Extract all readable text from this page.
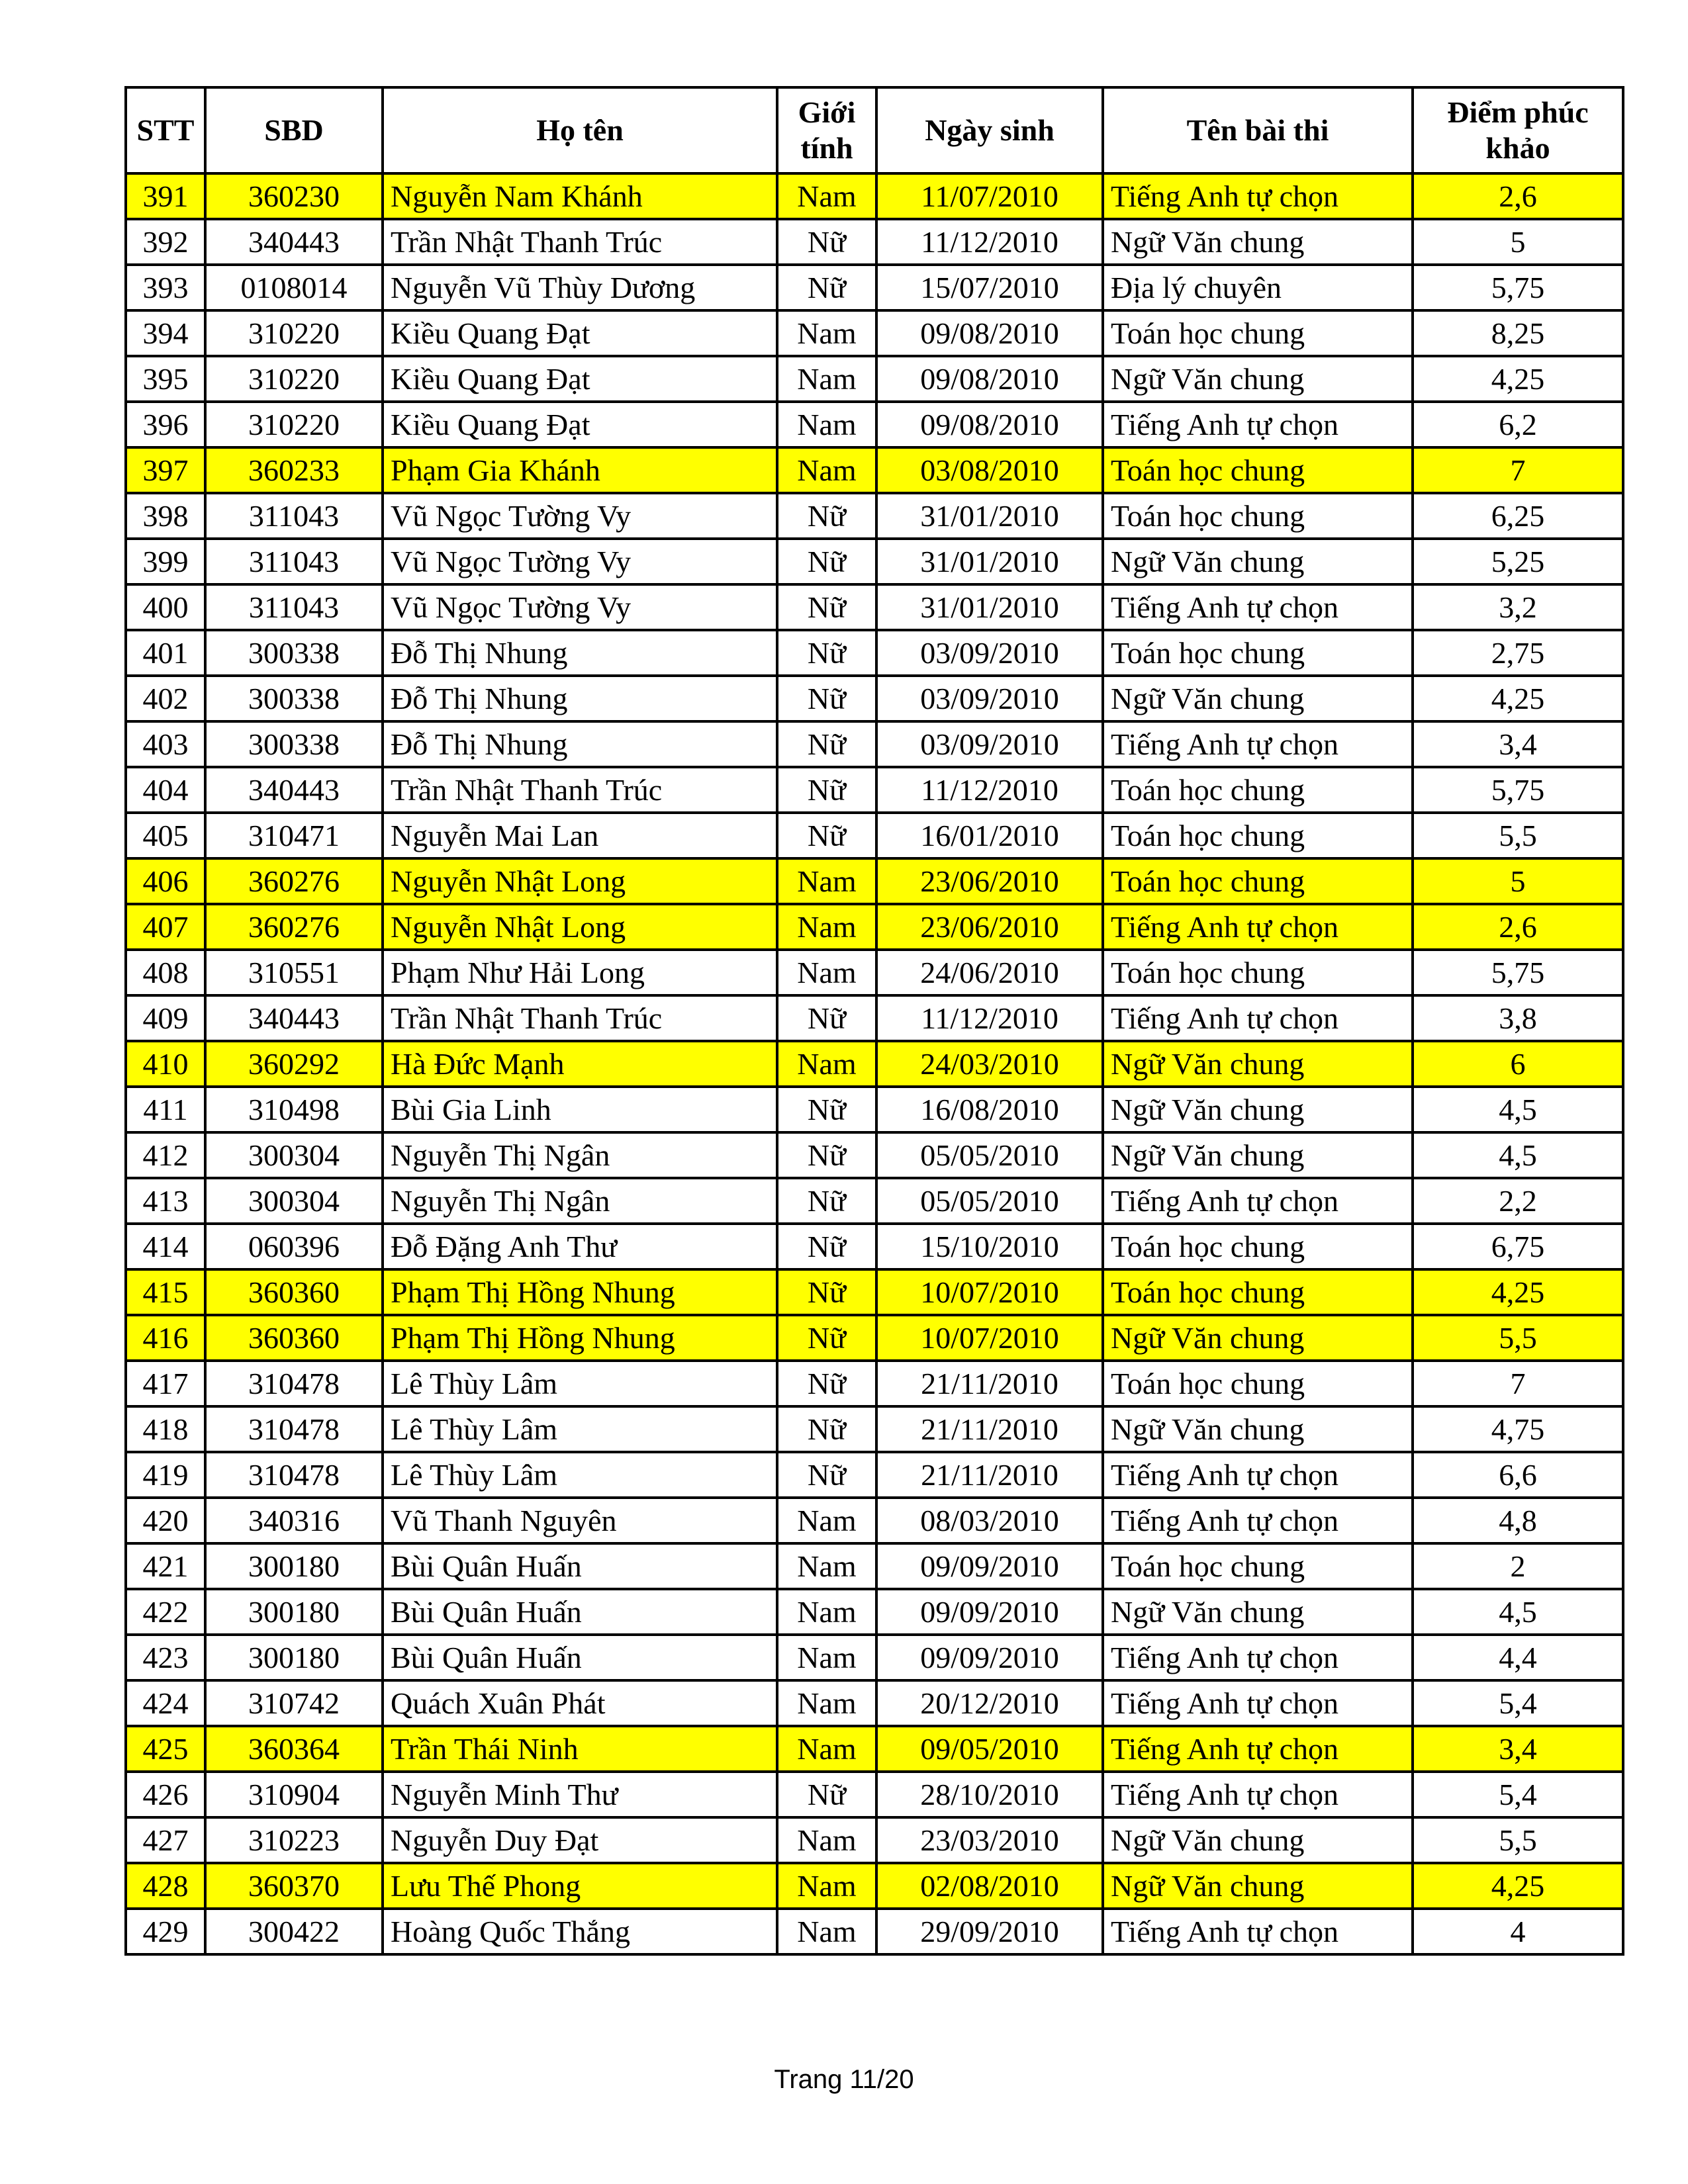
STT	SBD	Họ tên	Giới tính	Ngày sinh	Tên bài thi	Điểm phúc khảo
391	360230	Nguyễn Nam Khánh	Nam	11/07/2010	Tiếng Anh tự chọn	2,6
392	340443	Trần Nhật Thanh Trúc	Nữ	11/12/2010	Ngữ Văn chung	5
393	0108014	Nguyễn Vũ Thùy Dương	Nữ	15/07/2010	Địa lý chuyên	5,75
394	310220	Kiều Quang Đạt	Nam	09/08/2010	Toán học chung	8,25
395	310220	Kiều Quang Đạt	Nam	09/08/2010	Ngữ Văn chung	4,25
396	310220	Kiều Quang Đạt	Nam	09/08/2010	Tiếng Anh tự chọn	6,2
397	360233	Phạm Gia Khánh	Nam	03/08/2010	Toán học chung	7
398	311043	Vũ Ngọc Tường Vy	Nữ	31/01/2010	Toán học chung	6,25
399	311043	Vũ Ngọc Tường Vy	Nữ	31/01/2010	Ngữ Văn chung	5,25
400	311043	Vũ Ngọc Tường Vy	Nữ	31/01/2010	Tiếng Anh tự chọn	3,2
401	300338	Đỗ Thị Nhung	Nữ	03/09/2010	Toán học chung	2,75
402	300338	Đỗ Thị Nhung	Nữ	03/09/2010	Ngữ Văn chung	4,25
403	300338	Đỗ Thị Nhung	Nữ	03/09/2010	Tiếng Anh tự chọn	3,4
404	340443	Trần Nhật Thanh Trúc	Nữ	11/12/2010	Toán học chung	5,75
405	310471	Nguyễn Mai Lan	Nữ	16/01/2010	Toán học chung	5,5
406	360276	Nguyễn Nhật Long	Nam	23/06/2010	Toán học chung	5
407	360276	Nguyễn Nhật Long	Nam	23/06/2010	Tiếng Anh tự chọn	2,6
408	310551	Phạm Như Hải Long	Nam	24/06/2010	Toán học chung	5,75
409	340443	Trần Nhật Thanh Trúc	Nữ	11/12/2010	Tiếng Anh tự chọn	3,8
410	360292	Hà Đức Mạnh	Nam	24/03/2010	Ngữ Văn chung	6
411	310498	Bùi Gia Linh	Nữ	16/08/2010	Ngữ Văn chung	4,5
412	300304	Nguyễn Thị Ngân	Nữ	05/05/2010	Ngữ Văn chung	4,5
413	300304	Nguyễn Thị Ngân	Nữ	05/05/2010	Tiếng Anh tự chọn	2,2
414	060396	Đỗ Đặng Anh Thư	Nữ	15/10/2010	Toán học chung	6,75
415	360360	Phạm Thị Hồng Nhung	Nữ	10/07/2010	Toán học chung	4,25
416	360360	Phạm Thị Hồng Nhung	Nữ	10/07/2010	Ngữ Văn chung	5,5
417	310478	Lê Thùy Lâm	Nữ	21/11/2010	Toán học chung	7
418	310478	Lê Thùy Lâm	Nữ	21/11/2010	Ngữ Văn chung	4,75
419	310478	Lê Thùy Lâm	Nữ	21/11/2010	Tiếng Anh tự chọn	6,6
420	340316	Vũ Thanh Nguyên	Nam	08/03/2010	Tiếng Anh tự chọn	4,8
421	300180	Bùi Quân Huấn	Nam	09/09/2010	Toán học chung	2
422	300180	Bùi Quân Huấn	Nam	09/09/2010	Ngữ Văn chung	4,5
423	300180	Bùi Quân Huấn	Nam	09/09/2010	Tiếng Anh tự chọn	4,4
424	310742	Quách Xuân Phát	Nam	20/12/2010	Tiếng Anh tự chọn	5,4
425	360364	Trần Thái Ninh	Nam	09/05/2010	Tiếng Anh tự chọn	3,4
426	310904	Nguyễn Minh Thư	Nữ	28/10/2010	Tiếng Anh tự chọn	5,4
427	310223	Nguyễn Duy Đạt	Nam	23/03/2010	Ngữ Văn chung	5,5
428	360370	Lưu Thế Phong	Nam	02/08/2010	Ngữ Văn chung	4,25
429	300422	Hoàng Quốc Thắng	Nam	29/09/2010	Tiếng Anh tự chọn	4
Trang 11/20
